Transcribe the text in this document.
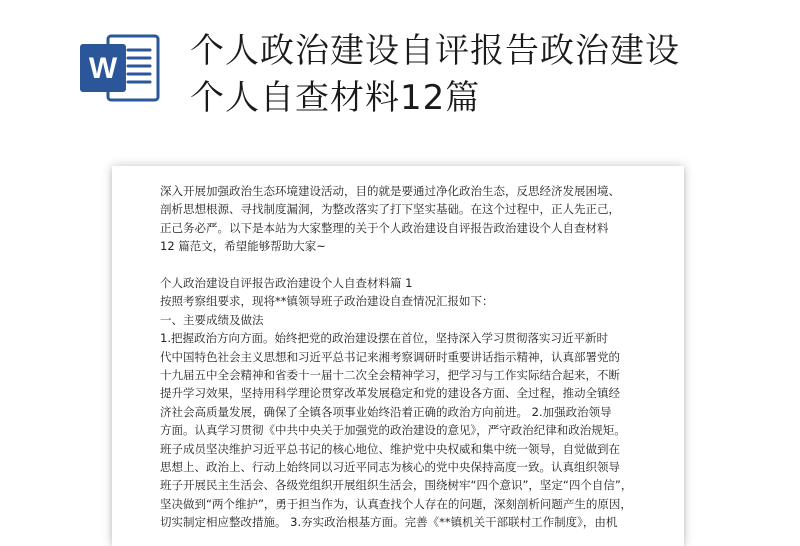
W 个人政治建设自评报告政治建设
个人自查材料12篇
深入开展加强政治生态环境建设活动，目的就是要通过净化政治生态，反思经济发展困境、
剖析思想根源、寻找制度漏洞，为整改落实了打下坚实基础。在这个过程中，正人先正己，
正己务必严。以下是本站为大家整理的关于个人政治建设自评报告政治建设个人自查材料
12 篇范文，希望能够帮助大家~
个人政治建设自评报告政治建设个人自查材料篇 1
按照考察组要求，现将**镇领导班子政治建设自查情况汇报如下：
一、主要成绩及做法
1.把握政治方向方面。始终把党的政治建设摆在首位，坚持深入学习贯彻落实习近平新时
代中国特色社会主义思想和习近平总书记来湘考察调研时重要讲话指示精神，认真部署党的
十九届五中全会精神和省委十一届十二次全会精神学习，把学习与工作实际结合起来，不断
提升学习效果，坚持用科学理论贯穿改革发展稳定和党的建设各方面、全过程，推动全镇经
济社会高质量发展，确保了全镇各项事业始终沿着正确的政治方向前进。 2.加强政治领导
方面。认真学习贯彻《中共中央关于加强党的政治建设的意见》，严守政治纪律和政治规矩。
班子成员坚决维护习近平总书记的核心地位、维护党中央权威和集中统一领导，自觉做到在
思想上、政治上、行动上始终同以习近平同志为核心的党中央保持高度一致。认真组织领导
班子开展民主生活会、各级党组织开展组织生活会，围绕树牢“四个意识”，坚定“四个自信”，
坚决做到“两个维护”，勇于担当作为，认真查找个人存在的问题，深刻剖析问题产生的原因，
切实制定相应整改措施。 3.夯实政治根基方面。完善《**镇机关干部联村工作制度》，由机
